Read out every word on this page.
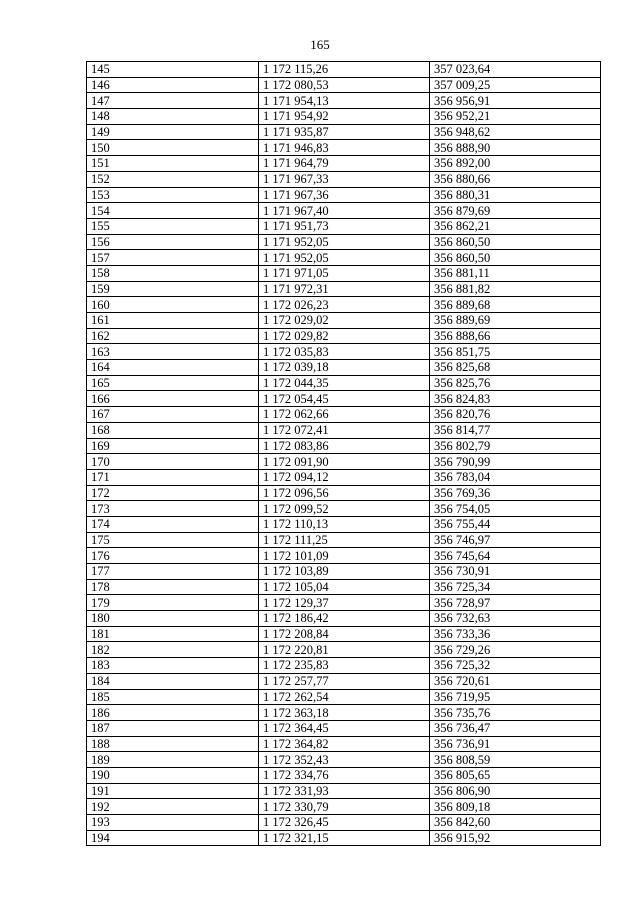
165
145	1 172 115,26	357 023,64
146	1 172 080,53	357 009,25
147	1 171 954,13	356 956,91
148	1 171 954,92	356 952,21
149	1 171 935,87	356 948,62
150	1 171 946,83	356 888,90
151	1 171 964,79	356 892,00
152	1 171 967,33	356 880,66
153	1 171 967,36	356 880,31
154	1 171 967,40	356 879,69
155	1 171 951,73	356 862,21
156	1 171 952,05	356 860,50
157	1 171 952,05	356 860,50
158	1 171 971,05	356 881,11
159	1 171 972,31	356 881,82
160	1 172 026,23	356 889,68
161	1 172 029,02	356 889,69
162	1 172 029,82	356 888,66
163	1 172 035,83	356 851,75
164	1 172 039,18	356 825,68
165	1 172 044,35	356 825,76
166	1 172 054,45	356 824,83
167	1 172 062,66	356 820,76
168	1 172 072,41	356 814,77
169	1 172 083,86	356 802,79
170	1 172 091,90	356 790,99
171	1 172 094,12	356 783,04
172	1 172 096,56	356 769,36
173	1 172 099,52	356 754,05
174	1 172 110,13	356 755,44
175	1 172 111,25	356 746,97
176	1 172 101,09	356 745,64
177	1 172 103,89	356 730,91
178	1 172 105,04	356 725,34
179	1 172 129,37	356 728,97
180	1 172 186,42	356 732,63
181	1 172 208,84	356 733,36
182	1 172 220,81	356 729,26
183	1 172 235,83	356 725,32
184	1 172 257,77	356 720,61
185	1 172 262,54	356 719,95
186	1 172 363,18	356 735,76
187	1 172 364,45	356 736,47
188	1 172 364,82	356 736,91
189	1 172 352,43	356 808,59
190	1 172 334,76	356 805,65
191	1 172 331,93	356 806,90
192	1 172 330,79	356 809,18
193	1 172 326,45	356 842,60
194	1 172 321,15	356 915,92
